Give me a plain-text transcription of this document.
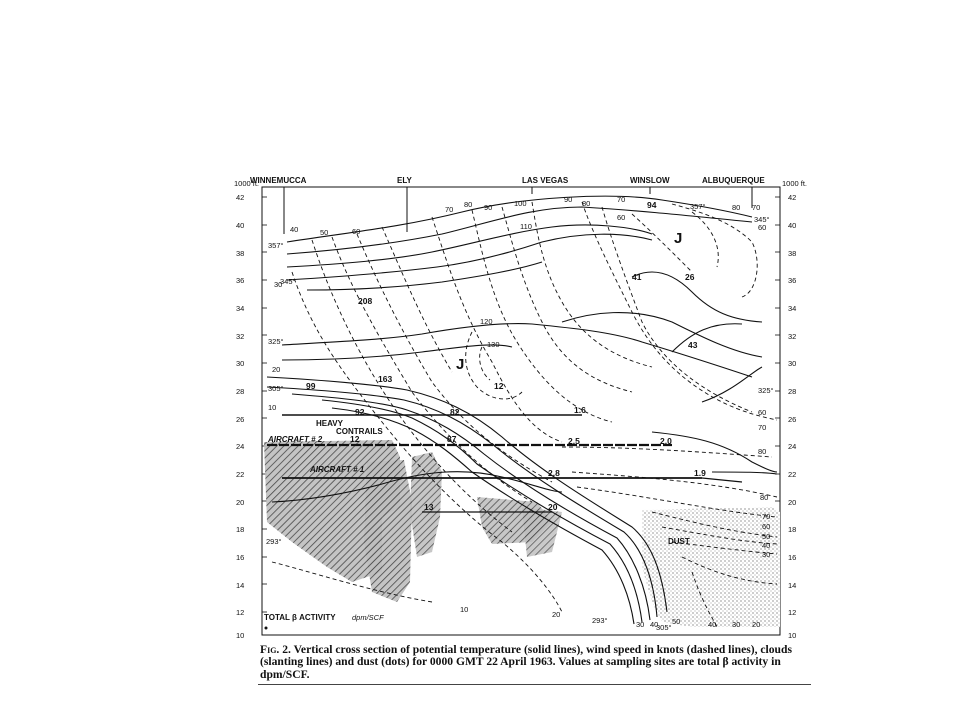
1000 ft.	1000 ft.
WINNEMUCCA	ELY	LAS VEGAS	WINSLOW	ALBUQUERQUE
42
40
38
36
34
32
30
28
26
24
22
20
18
16
14
12
10
42
40
38
36
34
32
30
28
26
24
22
20
18
16
14
12
10
357°
345°
325°
305°
293°
357°
345°
325°
293°
305°
40	50	60
70
80 90	100
110
120
130
90 80	70
60
80 70
60
60
70
80
80
70
60
50
40
30
30
20
10
20
10
30 40 50	40 30 20
J
J
94
41	26
208
43
163
12
99
92	82	1.6
12	87	2.5	2.0
2.8	1.9
13	20
HEAVY
CONTRAILS
AIRCRAFT # 2
AIRCRAFT # 1
DUST
TOTAL β ACTIVITY dpm/SCF

Fig. 2. Vertical cross section of potential temperature (solid lines), wind speed in knots (dashed lines), clouds (slanting lines) and dust (dots) for 0000 GMT 22 April 1963. Values at sampling sites are total β activity in dpm/SCF.
